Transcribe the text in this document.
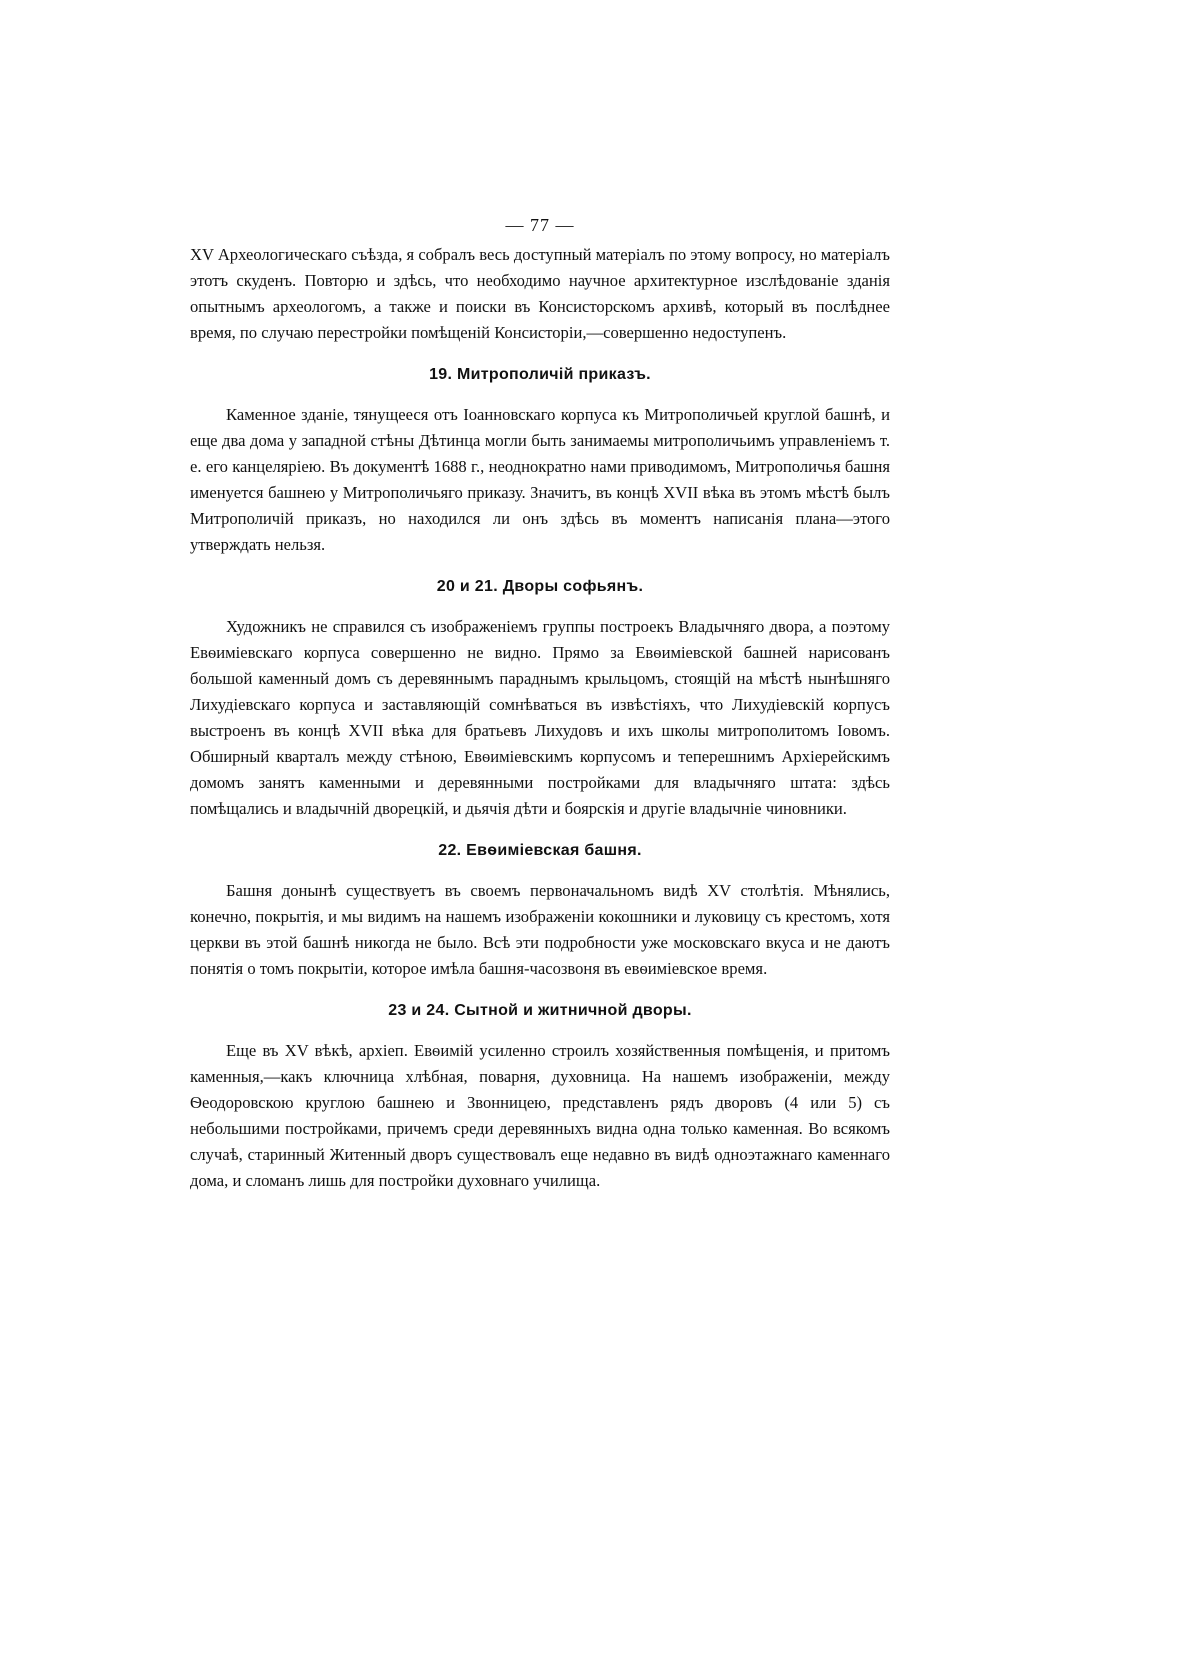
— 77 —

XV Археологическаго съѣзда, я собралъ весь доступный матеріалъ по этому вопросу, но матеріалъ этотъ скуденъ. Повторю и здѣсь, что необходимо научное архитектурное изслѣдованіе зданія опытнымъ археологомъ, а также и поиски въ Консисторскомъ архивѣ, который въ послѣднее время, по случаю перестройки помѣщеній Консисторіи,—совершенно недоступенъ.

19. Митрополичій приказъ.

Каменное зданіе, тянущееся отъ Іоанновскаго корпуса къ Митрополичьей круглой башнѣ, и еще два дома у западной стѣны Дѣтинца могли быть занимаемы митрополичьимъ управленіемъ т. е. его канцеляріею. Въ документѣ 1688 г., неоднократно нами приводимомъ, Митрополичья башня именуется башнею у Митрополичьяго приказу. Значитъ, въ концѣ XVII вѣка въ этомъ мѣстѣ былъ Митрополичій приказъ, но находился ли онъ здѣсь въ моментъ написанія плана—этого утверждать нельзя.

20 и 21. Дворы софьянъ.

Художникъ не справился съ изображеніемъ группы построекъ Владычняго двора, а поэтому Евѳиміевскаго корпуса совершенно не видно. Прямо за Евѳиміевской башней нарисованъ большой каменный домъ съ деревяннымъ параднымъ крыльцомъ, стоящій на мѣстѣ нынѣшняго Лихудіевскаго корпуса и заставляющій сомнѣваться въ извѣстіяхъ, что Лихудіевскій корпусъ выстроенъ въ концѣ XVII вѣка для братьевъ Лихудовъ и ихъ школы митрополитомъ Іовомъ. Обширный кварталъ между стѣною, Евѳиміевскимъ корпусомъ и теперешнимъ Архіерейскимъ домомъ занятъ каменными и деревянными постройками для владычняго штата: здѣсь помѣщались и владычній дворецкій, и дьячія дѣти и боярскія и другіе владычніе чиновники.

22. Евѳиміевская башня.

Башня донынѣ существуетъ въ своемъ первоначальномъ видѣ XV столѣтія. Мѣнялись, конечно, покрытія, и мы видимъ на нашемъ изображеніи кокошники и луковицу съ крестомъ, хотя церкви въ этой башнѣ никогда не было. Всѣ эти подробности уже московскаго вкуса и не даютъ понятія о томъ покрытіи, которое имѣла башня-часозвоня въ евѳиміевское время.

23 и 24. Сытной и житничной дворы.

Еще въ XV вѣкѣ, архіеп. Евѳимій усиленно строилъ хозяйственныя помѣщенія, и притомъ каменныя,—какъ ключница хлѣбная, поварня, духовница. На нашемъ изображеніи, между Ѳеодоровскою круглою башнею и Звонницею, представленъ рядъ дворовъ (4 или 5) съ небольшими постройками, причемъ среди деревянныхъ видна одна только каменная. Во всякомъ случаѣ, старинный Житенный дворъ существовалъ еще недавно въ видѣ одноэтажнаго каменнаго дома, и сломанъ лишь для постройки духовнаго училища.
